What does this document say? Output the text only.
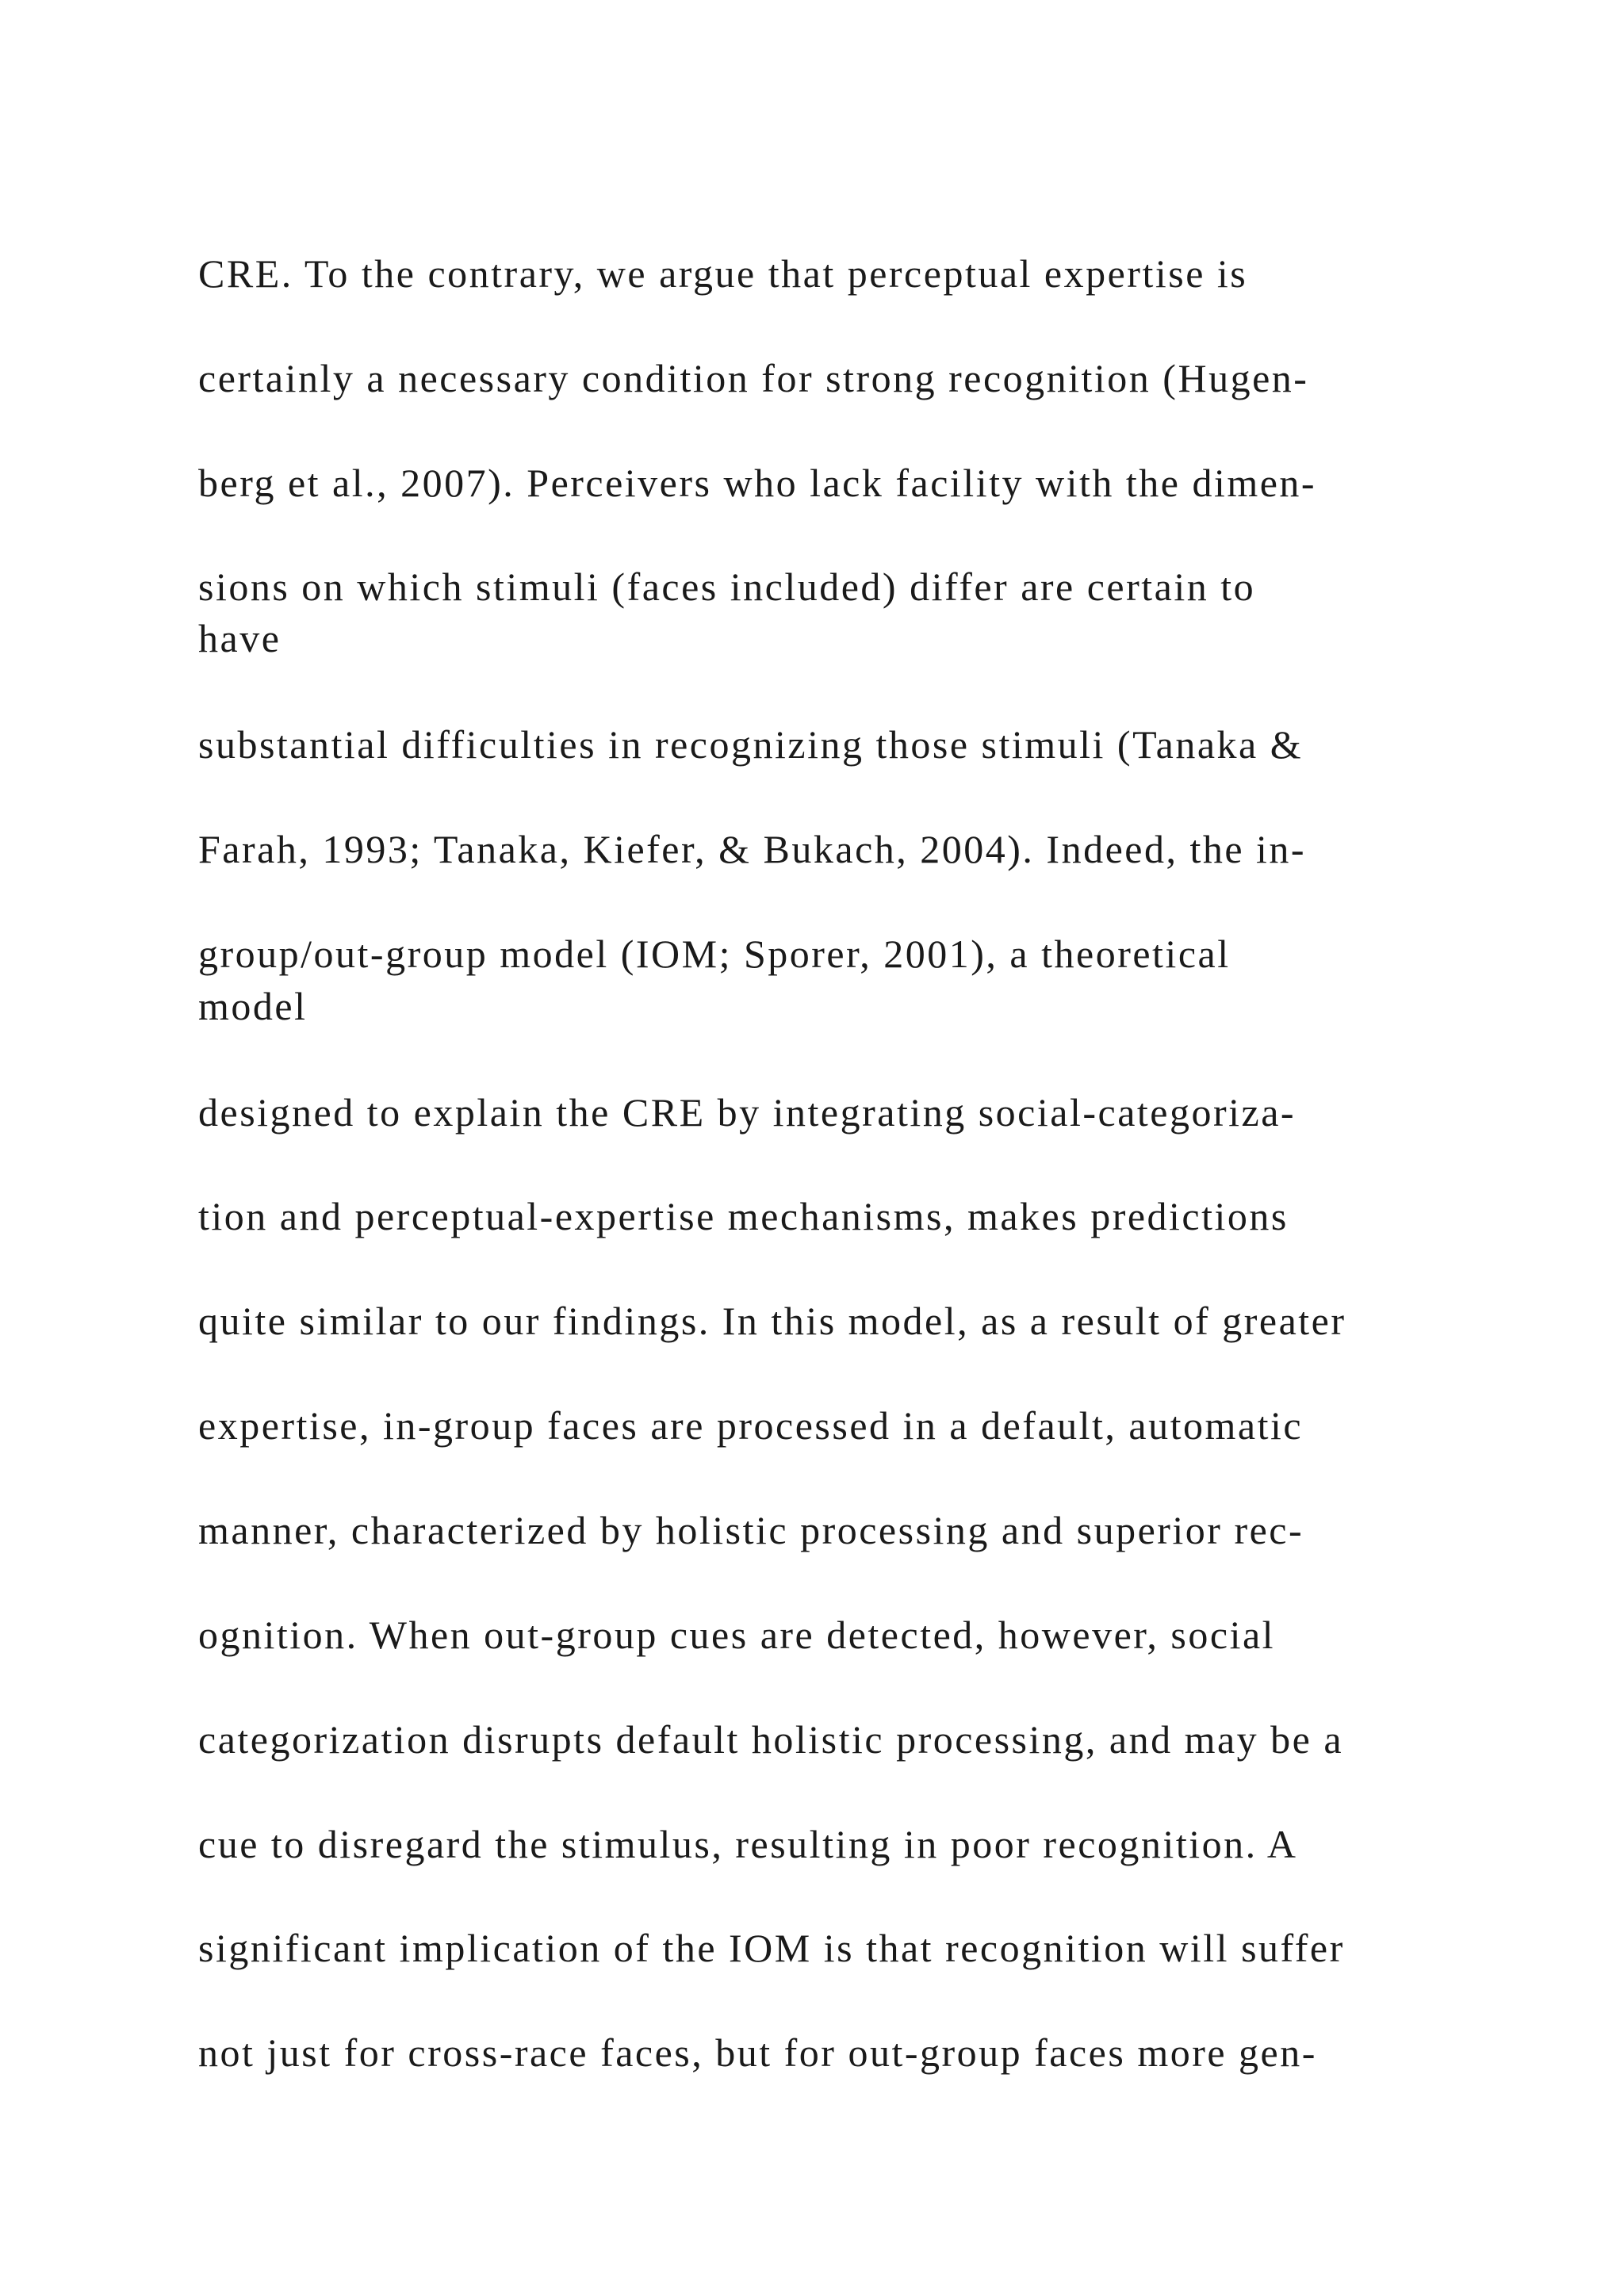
CRE. To the contrary, we argue that perceptual expertise is

certainly a necessary condition for strong recognition (Hugen-

berg et al., 2007). Perceivers who lack facility with the dimen-

sions on which stimuli (faces included) differ are certain to

have

substantial difficulties in recognizing those stimuli (Tanaka &

Farah, 1993; Tanaka, Kiefer, & Bukach, 2004). Indeed, the in-

group/out-group model (IOM; Sporer, 2001), a theoretical

model

designed to explain the CRE by integrating social-categoriza-

tion and perceptual-expertise mechanisms, makes predictions

quite similar to our findings. In this model, as a result of greater

expertise, in-group faces are processed in a default, automatic

manner, characterized by holistic processing and superior rec-

ognition. When out-group cues are detected, however, social

categorization disrupts default holistic processing, and may be a

cue to disregard the stimulus, resulting in poor recognition. A

significant implication of the IOM is that recognition will suffer

not just for cross-race faces, but for out-group faces more gen-
